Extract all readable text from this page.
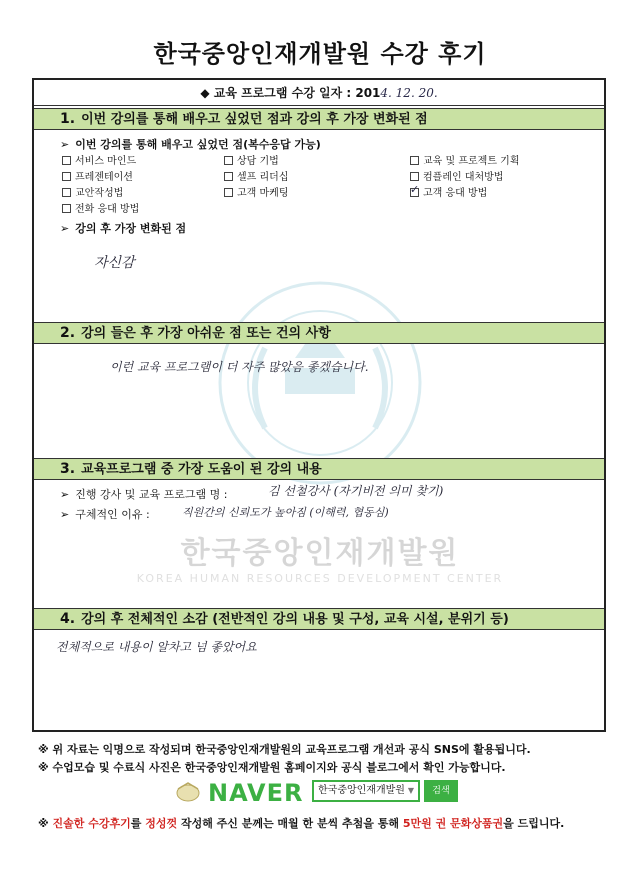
한국중앙인재개발원 수강 후기
◆ 교육 프로그램 수강 일자 : 2014. 12. 20.
1. 이번 강의를 통해 배우고 싶었던 점과 강의 후 가장 변화된 점
➢ 이번 강의를 통해 배우고 싶었던 점(복수응답 가능)
➢ 강의 후 가장 변화된 점
자신감
2. 강의 들은 후 가장 아쉬운 점 또는 건의 사항
이런 교육 프로그램이 더 자주 많았음 좋겠습니다.
3. 교육프로그램 중 가장 도움이 된 강의 내용
➢ 진행 강사 및 교육 프로그램 명 :	김 선철강사 (자기비전 의미 찾기)
➢ 구체적인 이유 :	직원간의 신뢰도가 높아짐 (이해력, 협동심)
4. 강의 후 전체적인 소감 (전반적인 강의 내용 및 구성, 교육 시설, 분위기 등)
전체적으로 내용이 알차고 넘 좋았어요
서비스 마인드	상담 기법	교육 및 프로젝트 기획
프레젠테이션	셀프 리더십	컴플레인 대처방법
교안작성법	고객 마케팅
✓	고객 응대 방법
전화 응대 방법
한국중앙인재개발원
KOREA HUMAN RESOURCES DEVELOPMENT CENTER
※ 위 자료는 익명으로 작성되며 한국중앙인재개발원의 교육프로그램 개선과 공식 SNS에 활용됩니다.
※ 수업모습 및 수료식 사진은 한국중앙인재개발원 홈페이지와 공식 블로그에서 확인 가능합니다.
NAVER	한국중앙인재개발원 ▼	검색
※ 진솔한 수강후기를 정성껏 작성해 주신 분께는 매월 한 분씩 추첨을 통해 5만원 권 문화상품권을 드립니다.
